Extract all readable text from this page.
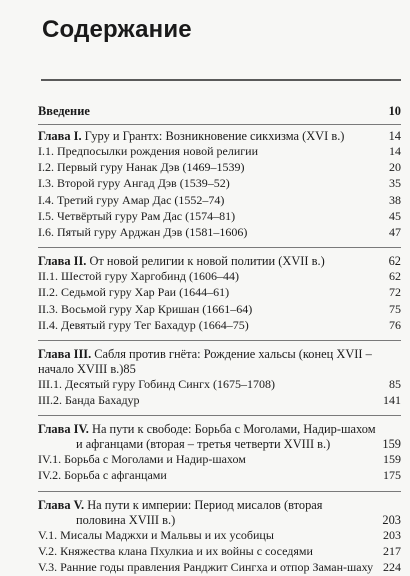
Содержание
Введение	10
Глава I. Гуру и Грантх: Возникновение сикхизма (XVI в.)	14
I.1. Предпосылки рождения новой религии	14
I.2. Первый гуру Нанак Дэв (1469–1539)	20
I.3. Второй гуру Ангад Дэв (1539–52)	35
I.4. Третий гуру Амар Дас (1552–74)	38
I.5. Четвёртый гуру Рам Дас (1574–81)	45
I.6. Пятый гуру Арджан Дэв (1581–1606)	47
Глава II. От новой религии к новой политии (XVII в.)	62
II.1. Шестой гуру Харгобинд (1606–44)	62
II.2. Седьмой гуру Хар Раи (1644–61)	72
II.3. Восьмой гуру Хар Кришан (1661–64)	75
II.4. Девятый гуру Тег Бахадур (1664–75)	76
Глава III. Сабля против гнёта: Рождение хальсы (конец XVII –
начало XVIII в.) 85
III.1. Десятый гуру Гобинд Сингх (1675–1708)	85
III.2. Банда Бахадур	141
Глава IV. На пути к свободе: Борьба с Моголами, Надир-шахом
и афганцами (вторая – третья четверти XVIII в.)	159
IV.1. Борьба с Моголами и Надир-шахом	159
IV.2. Борьба с афганцами	175
Глава V. На пути к империи: Период мисалов (вторая
половина XVIII в.)	203
V.1. Мисалы Маджхи и Мальвы и их усобицы	203
V.2. Княжества клана Пхулкиа и их войны с соседями	217
V.3. Ранние годы правления Ранджит Сингха и отпор Заман-шаху 224
